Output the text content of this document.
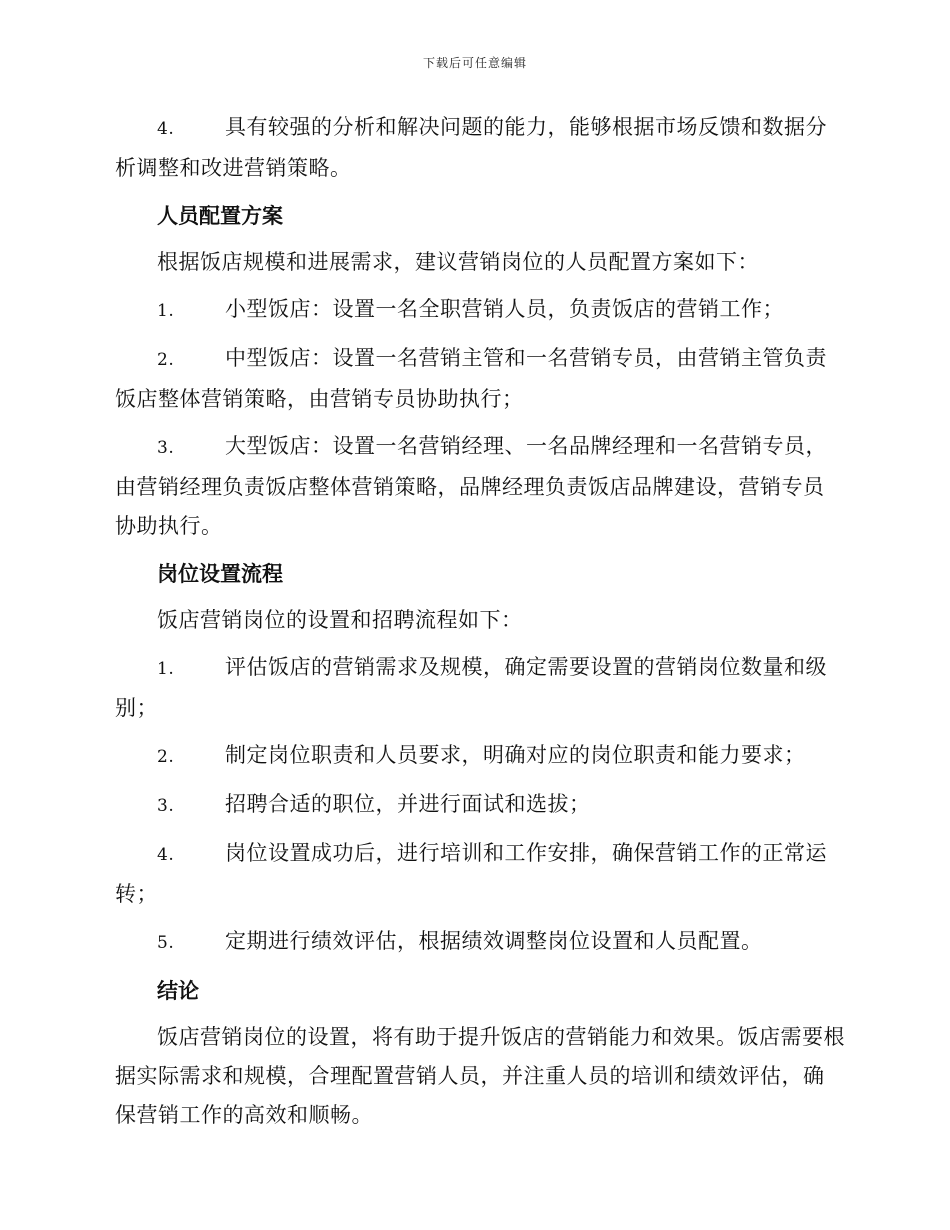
下载后可任意编辑
4. 具有较强的分析和解决问题的能力，能够根据市场反馈和数据分析调整和改进营销策略。
人员配置方案
根据饭店规模和进展需求，建议营销岗位的人员配置方案如下：
1. 小型饭店：设置一名全职营销人员，负责饭店的营销工作；
2. 中型饭店：设置一名营销主管和一名营销专员，由营销主管负责饭店整体营销策略，由营销专员协助执行；
3. 大型饭店：设置一名营销经理、一名品牌经理和一名营销专员，由营销经理负责饭店整体营销策略，品牌经理负责饭店品牌建设，营销专员协助执行。
岗位设置流程
饭店营销岗位的设置和招聘流程如下：
1. 评估饭店的营销需求及规模，确定需要设置的营销岗位数量和级别；
2. 制定岗位职责和人员要求，明确对应的岗位职责和能力要求；
3. 招聘合适的职位，并进行面试和选拔；
4. 岗位设置成功后，进行培训和工作安排，确保营销工作的正常运转；
5. 定期进行绩效评估，根据绩效调整岗位设置和人员配置。
结论
饭店营销岗位的设置，将有助于提升饭店的营销能力和效果。饭店需要根据实际需求和规模，合理配置营销人员，并注重人员的培训和绩效评估，确保营销工作的高效和顺畅。
